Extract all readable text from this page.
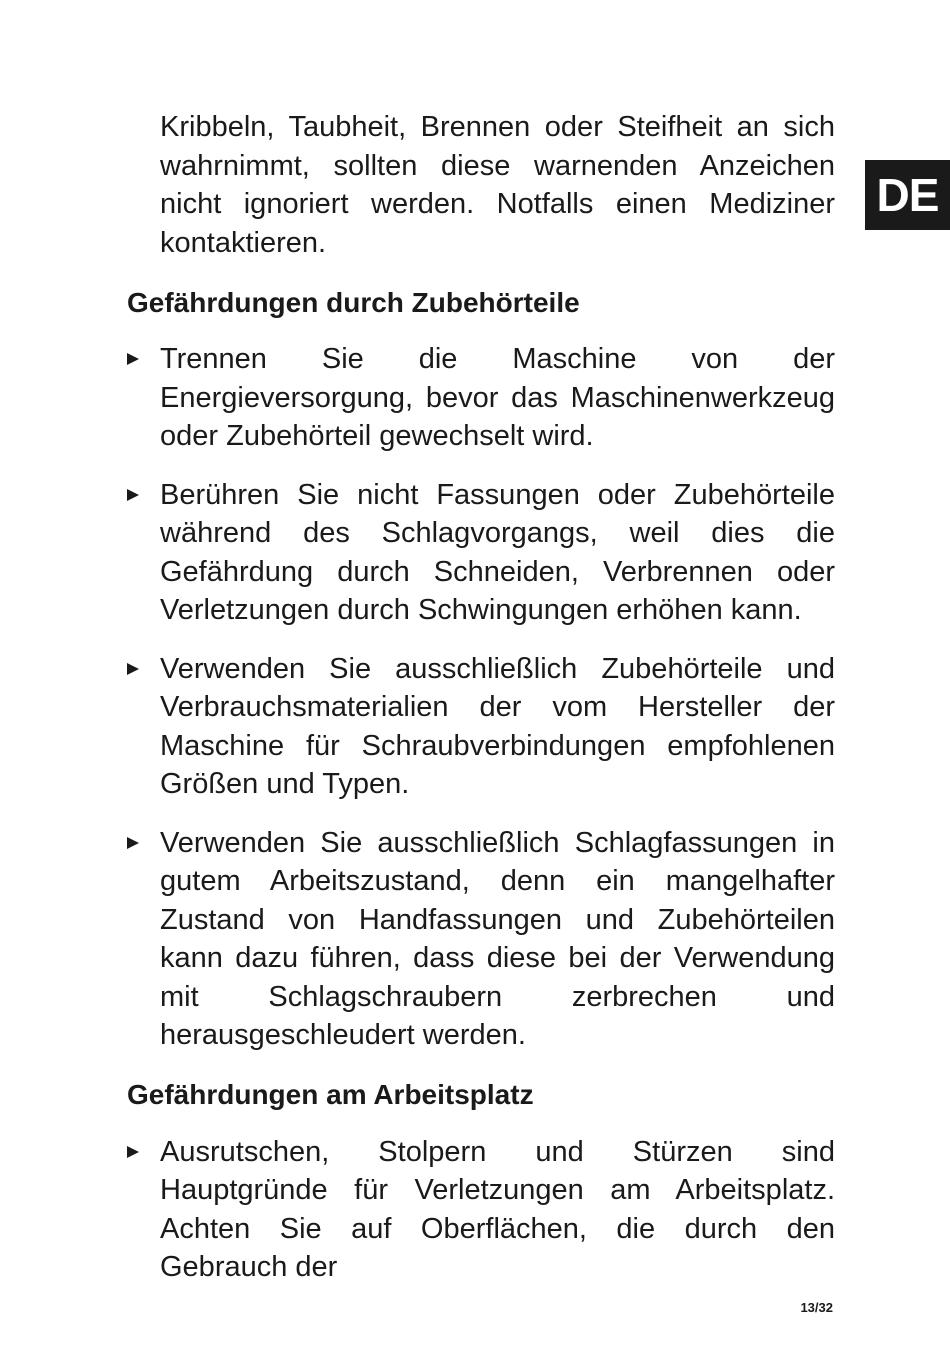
DE

Kribbeln, Taubheit, Brennen oder Steifheit an sich wahrnimmt, sollten diese warnenden Anzeichen nicht ignoriert werden. Notfalls einen Mediziner kontaktieren.

Gefährdungen durch Zubehörteile
Trennen Sie die Maschine von der Energieversorgung, bevor das Maschinenwerkzeug oder Zubehörteil gewechselt wird.
Berühren Sie nicht Fassungen oder Zubehörteile während des Schlagvorgangs, weil dies die Gefährdung durch Schneiden, Verbrennen oder Verletzungen durch Schwingungen erhöhen kann.
Verwenden Sie ausschließlich Zubehörteile und Verbrauchsmaterialien der vom Hersteller der Maschine für Schraubverbindungen empfohlenen Größen und Typen.
Verwenden Sie ausschließlich Schlagfassungen in gutem Arbeitszustand, denn ein mangelhafter Zustand von Handfassungen und Zubehörteilen kann dazu führen, dass diese bei der Verwendung mit Schlagschraubern zerbrechen und herausgeschleudert werden.
Gefährdungen am Arbeitsplatz
Ausrutschen, Stolpern und Stürzen sind Hauptgründe für Verletzungen am Arbeitsplatz. Achten Sie auf Oberflächen, die durch den Gebrauch der
13/32
